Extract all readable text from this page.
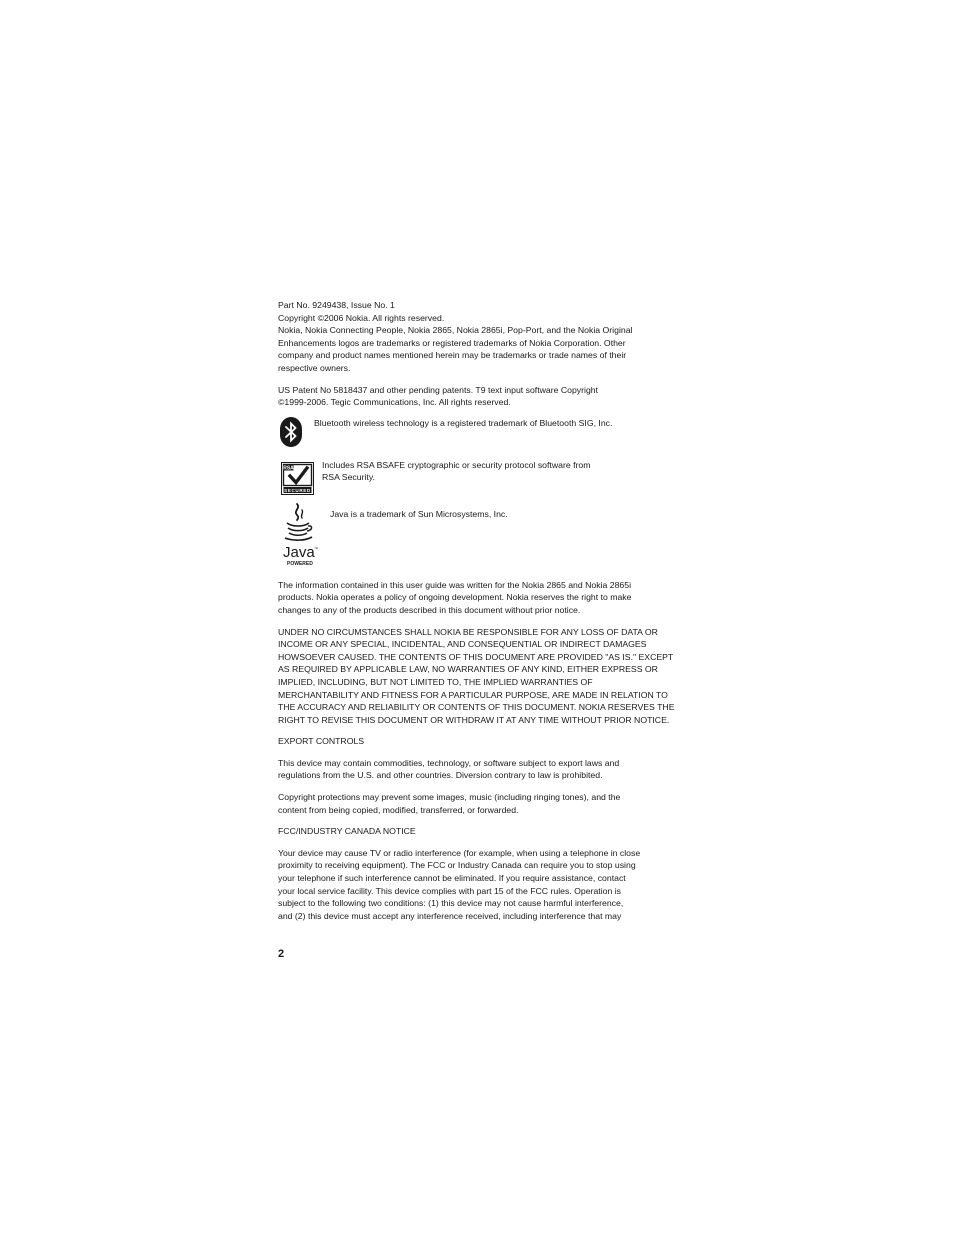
Part No. 9249438, Issue No. 1
Copyright ©2006 Nokia. All rights reserved.
Nokia, Nokia Connecting People, Nokia 2865, Nokia 2865i, Pop-Port, and the Nokia Original
Enhancements logos are trademarks or registered trademarks of Nokia Corporation. Other
company and product names mentioned herein may be trademarks or trade names of their
respective owners.
US Patent No 5818437 and other pending patents. T9 text input software Copyright
©1999-2006. Tegic Communications, Inc. All rights reserved.
Bluetooth wireless technology is a registered trademark of Bluetooth SIG, Inc.
RSA
SECURED
Includes RSA BSAFE cryptographic or security protocol software from
RSA Security.
Java ™
POWERED
Java is a trademark of Sun Microsystems, Inc.
The information contained in this user guide was written for the Nokia 2865 and Nokia 2865i
products. Nokia operates a policy of ongoing development. Nokia reserves the right to make
changes to any of the products described in this document without prior notice.
UNDER NO CIRCUMSTANCES SHALL NOKIA BE RESPONSIBLE FOR ANY LOSS OF DATA OR
INCOME OR ANY SPECIAL, INCIDENTAL, AND CONSEQUENTIAL OR INDIRECT DAMAGES
HOWSOEVER CAUSED. THE CONTENTS OF THIS DOCUMENT ARE PROVIDED "AS IS." EXCEPT
AS REQUIRED BY APPLICABLE LAW, NO WARRANTIES OF ANY KIND, EITHER EXPRESS OR
IMPLIED, INCLUDING, BUT NOT LIMITED TO, THE IMPLIED WARRANTIES OF
MERCHANTABILITY AND FITNESS FOR A PARTICULAR PURPOSE, ARE MADE IN RELATION TO
THE ACCURACY AND RELIABILITY OR CONTENTS OF THIS DOCUMENT. NOKIA RESERVES THE
RIGHT TO REVISE THIS DOCUMENT OR WITHDRAW IT AT ANY TIME WITHOUT PRIOR NOTICE.
EXPORT CONTROLS
This device may contain commodities, technology, or software subject to export laws and
regulations from the U.S. and other countries. Diversion contrary to law is prohibited.
Copyright protections may prevent some images, music (including ringing tones), and the
content from being copied, modified, transferred, or forwarded.
FCC/INDUSTRY CANADA NOTICE
Your device may cause TV or radio interference (for example, when using a telephone in close
proximity to receiving equipment). The FCC or Industry Canada can require you to stop using
your telephone if such interference cannot be eliminated. If you require assistance, contact
your local service facility. This device complies with part 15 of the FCC rules. Operation is
subject to the following two conditions: (1) this device may not cause harmful interference,
and (2) this device must accept any interference received, including interference that may
2
